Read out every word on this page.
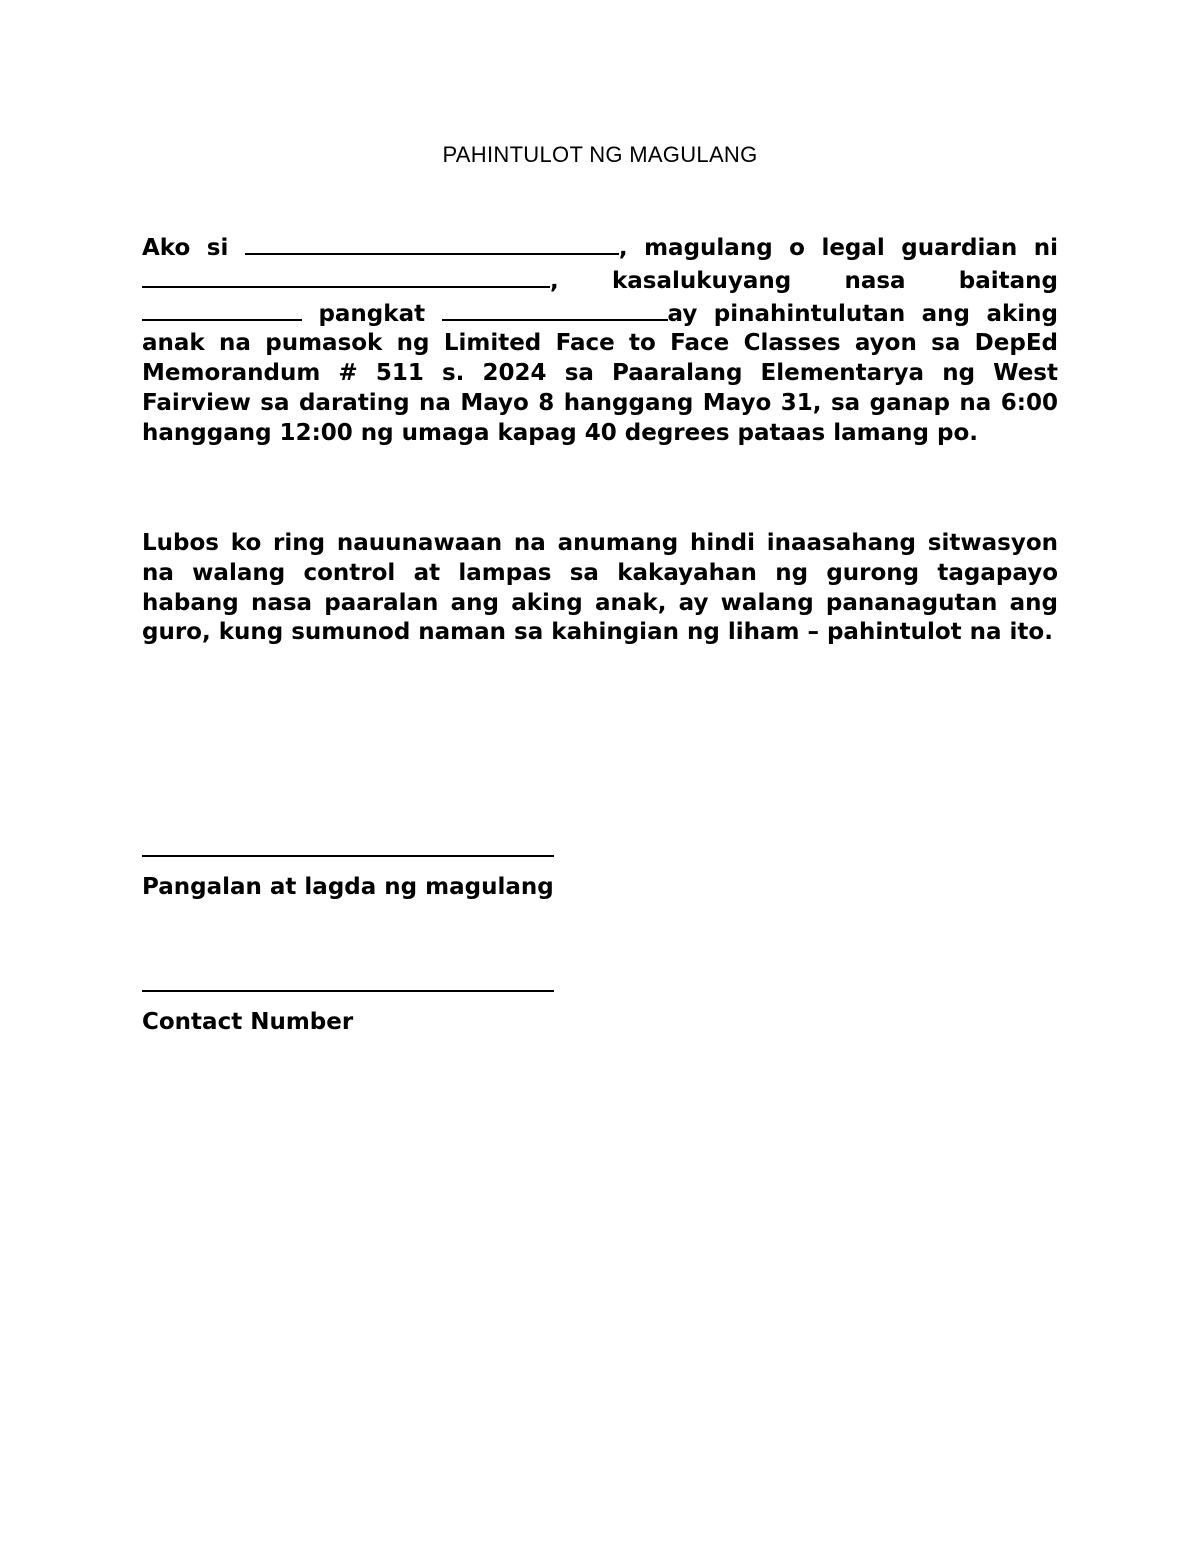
PAHINTULOT NG MAGULANG
Ako si	, magulang o legal guardian ni , kasalukuyang nasa baitang  pangkat	ay pinahintulutan ang aking anak na pumasok ng Limited Face to Face Classes ayon sa DepEd Memorandum # 511 s. 2024 sa Paaralang Elementarya ng West Fairview sa darating na Mayo 8 hanggang Mayo 31, sa ganap na 6:00 hanggang 12:00 ng umaga kapag 40 degrees pataas lamang po.
Lubos ko ring nauunawaan na anumang hindi inaasahang sitwasyon na walang control at lampas sa kakayahan ng gurong tagapayo habang nasa paaralan ang aking anak, ay walang pananagutan ang guro, kung sumunod naman sa kahingian ng liham – pahintulot na ito.
Pangalan at lagda ng magulang
Contact Number
